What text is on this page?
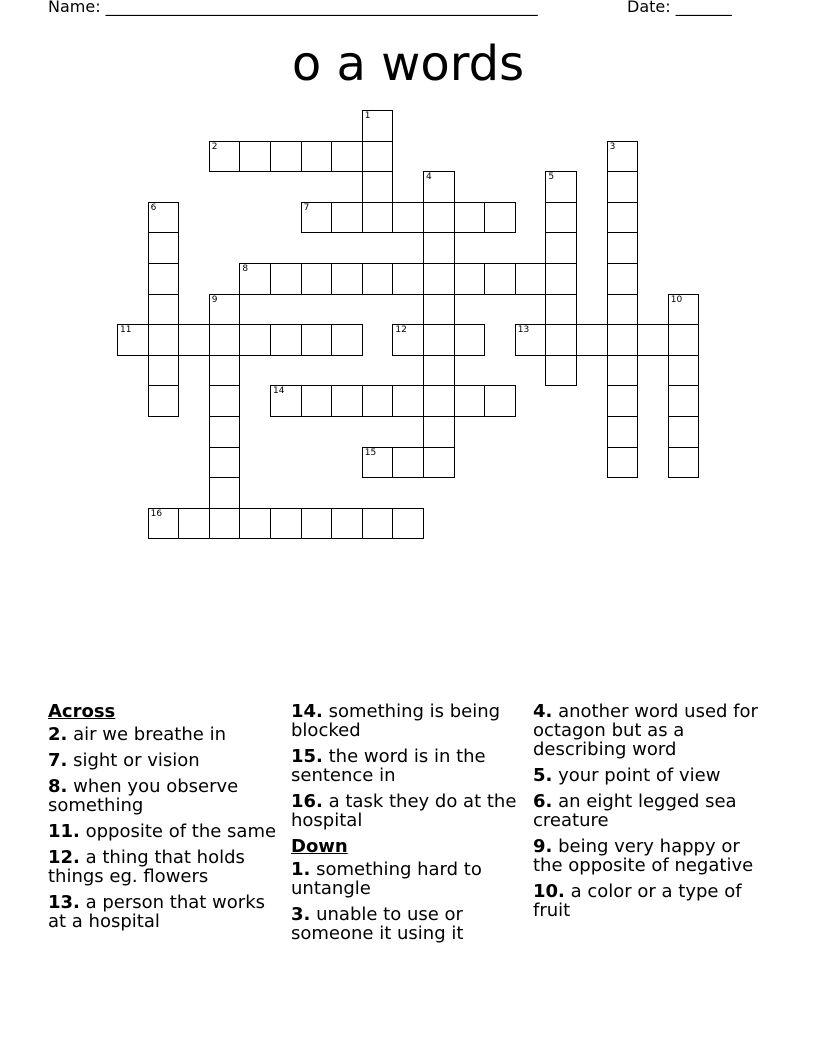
Name: ______________________________________________________	Date: _______
o a words
1
2	3
4	5
6	7
8
9	10
11	12	13
14
15
16
Across
2. air we breathe in
7. sight or vision
8. when you observe something
11. opposite of the same
12. a thing that holds things eg. flowers
13. a person that works at a hospital
14. something is being blocked
15. the word is in the sentence in
16. a task they do at the hospital
Down
1. something hard to untangle
3. unable to use or someone it using it
4. another word used for octagon but as a describing word
5. your point of view
6. an eight legged sea creature
9. being very happy or the opposite of negative
10. a color or a type of fruit
